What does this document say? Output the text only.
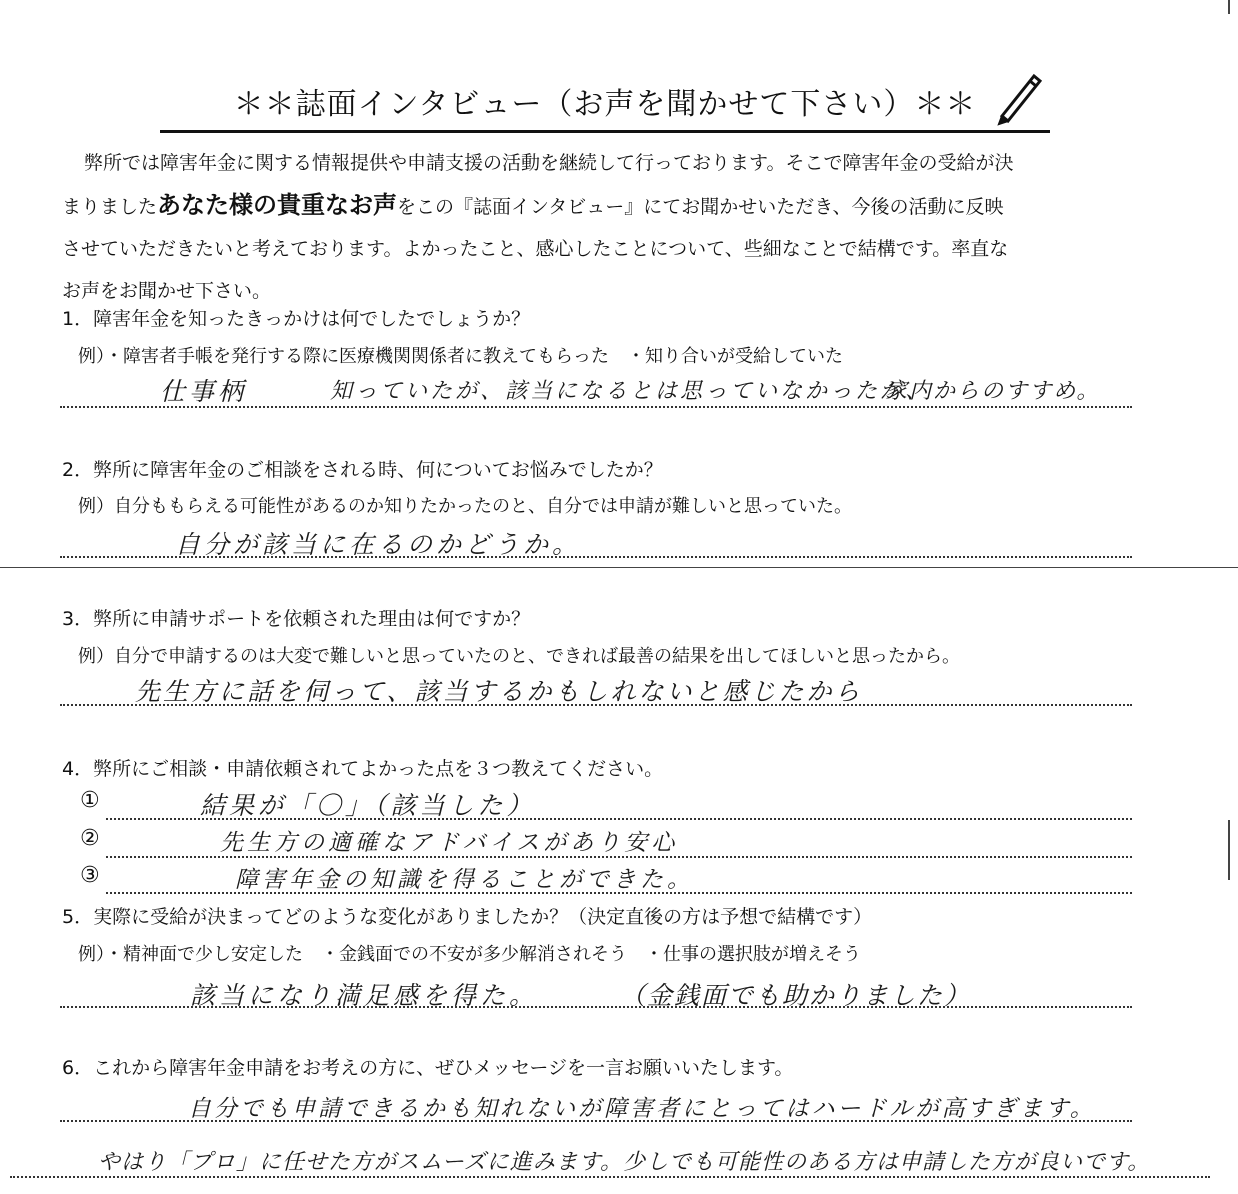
＊＊誌面インタビュー（お声を聞かせて下さい）＊＊
弊所では障害年金に関する情報提供や申請支援の活動を継続して行っております。そこで障害年金の受給が決
まりましたあなた様の貴重なお声をこの『誌面インタビュー』にてお聞かせいただき、今後の活動に反映
させていただきたいと考えております。よかったこと、感心したことについて、些細なことで結構です。率直な
お声をお聞かせ下さい。
1．障害年金を知ったきっかけは何でしたでしょうか？
例）・障害者手帳を発行する際に医療機関関係者に教えてもらった　・知り合いが受給していた
仕事柄	知っていたが、該当になるとは思っていなかったが、
家内からのすすめ。
2．弊所に障害年金のご相談をされる時、何についてお悩みでしたか？
例）自分ももらえる可能性があるのか知りたかったのと、自分では申請が難しいと思っていた。
自分が該当に在るのかどうか。
3．弊所に申請サポートを依頼された理由は何ですか？
例）自分で申請するのは大変で難しいと思っていたのと、できれば最善の結果を出してほしいと思ったから。
先生方に話を伺って、該当するかもしれないと感じたから
4．弊所にご相談・申請依頼されてよかった点を３つ教えてください。
①	結果が「〇」（該当した）
②	先生方の適確なアドバイスがあり安心
③	障害年金の知識を得ることができた。
5．実際に受給が決まってどのような変化がありましたか？（決定直後の方は予想で結構です）
例）・精神面で少し安定した　・金銭面での不安が多少解消されそう　・仕事の選択肢が増えそう
該当になり満足感を得た。	（金銭面でも助かりました）
6．これから障害年金申請をお考えの方に、ぜひメッセージを一言お願いいたします。
自分でも申請できるかも知れないが障害者にとってはハードルが高すぎます。
やはり「プロ」に任せた方がスムーズに進みます。少しでも可能性のある方は申請した方が良いです。
